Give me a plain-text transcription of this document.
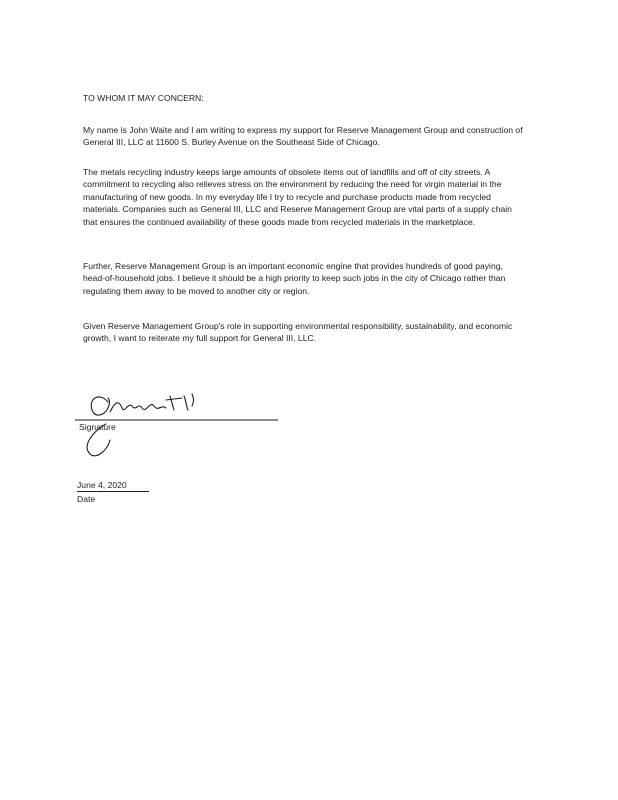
TO WHOM IT MAY CONCERN:

My name is John Waite and I am writing to express my support for Reserve Management Group and construction of General III, LLC at 11600 S. Burley Avenue on the Southeast Side of Chicago.

The metals recycling industry keeps large amounts of obsolete items out of landfills and off of city streets. A commitment to recycling also relieves stress on the environment by reducing the need for virgin material in the manufacturing of new goods. In my everyday life I try to recycle and purchase products made from recycled materials. Companies such as General III, LLC and Reserve Management Group are vital parts of a supply chain that ensures the continued availability of these goods made from recycled materials in the marketplace.

Further, Reserve Management Group is an important economic engine that provides hundreds of good paying, head-of-household jobs. I believe it should be a high priority to keep such jobs in the city of Chicago rather than regulating them away to be moved to another city or region.

Given Reserve Management Group's role in supporting environmental responsibility, sustainability, and economic growth, I want to reiterate my full support for General III, LLC.

Signature
June 4, 2020
Date
